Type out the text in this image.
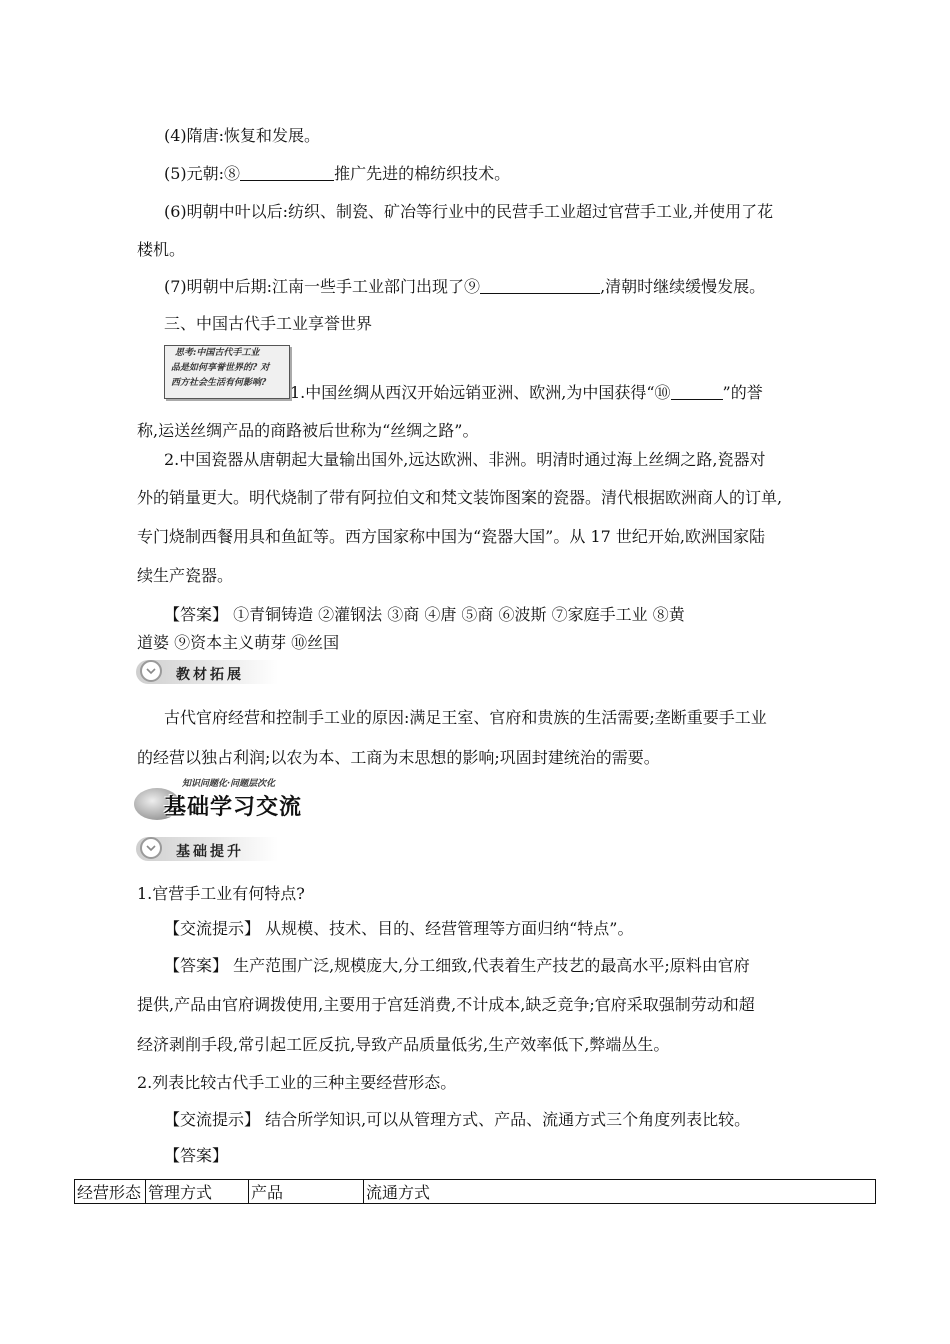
(4)隋唐:恢复和发展。
(5)元朝:⑧	推广先进的棉纺织技术。
(6)明朝中叶以后:纺织、制瓷、矿冶等行业中的民营手工业超过官营手工业,并使用了花
楼机。
(7)明朝中后期:江南一些手工业部门出现了⑨	,清朝时继续缓慢发展。
三、中国古代手工业享誉世界
思考:中国古代手工业
品是如何享誉世界的? 对
西方社会生活有何影响?	1.中国丝绸从西汉开始远销亚洲、欧洲,为中国获得“⑩	”的誉
称,运送丝绸产品的商路被后世称为“丝绸之路”。
2.中国瓷器从唐朝起大量输出国外,远达欧洲、非洲。明清时通过海上丝绸之路,瓷器对
外的销量更大。明代烧制了带有阿拉伯文和梵文装饰图案的瓷器。清代根据欧洲商人的订单,
专门烧制西餐用具和鱼缸等。西方国家称中国为“瓷器大国”。从 17 世纪开始,欧洲国家陆
续生产瓷器。
【答案】 ①青铜铸造 ②灌钢法 ③商 ④唐 ⑤商 ⑥波斯 ⑦家庭手工业 ⑧黄
道婆 ⑨资本主义萌芽 ⑩丝国
教材拓展
古代官府经营和控制手工业的原因:满足王室、官府和贵族的生活需要;垄断重要手工业
的经营以独占利润;以农为本、工商为末思想的影响;巩固封建统治的需要。
知识问题化·问题层次化
基础学习交流
基础提升
1.官营手工业有何特点?
【交流提示】 从规模、技术、目的、经营管理等方面归纳“特点”。
【答案】 生产范围广泛,规模庞大,分工细致,代表着生产技艺的最高水平;原料由官府
提供,产品由官府调拨使用,主要用于宫廷消费,不计成本,缺乏竞争;官府采取强制劳动和超
经济剥削手段,常引起工匠反抗,导致产品质量低劣,生产效率低下,弊端丛生。
2.列表比较古代手工业的三种主要经营形态。
【交流提示】 结合所学知识,可以从管理方式、产品、流通方式三个角度列表比较。
【答案】
经营形态	管理方式	产品	流通方式
